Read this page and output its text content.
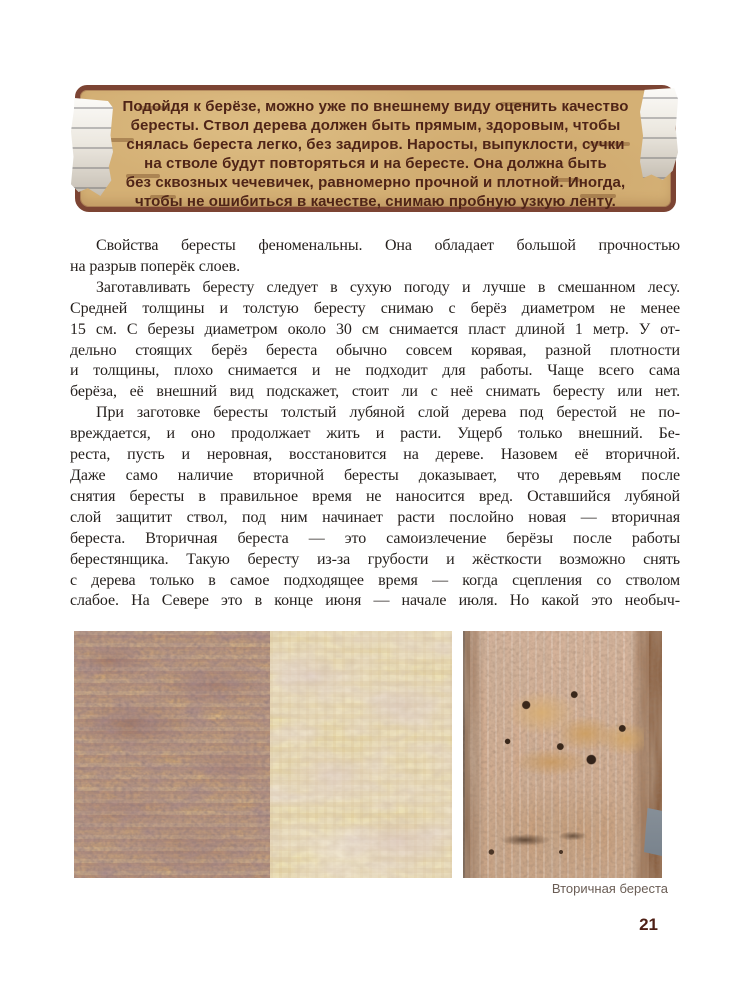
Подойдя к берёзе, можно уже по внешнему виду оценить качество
бересты. Ствол дерева должен быть прямым, здоровым, чтобы
снялась береста легко, без задиров. Наросты, выпуклости, сучки
на стволе будут повторяться и на бересте. Она должна быть
без сквозных чечевичек, равномерно прочной и плотной. Иногда,
чтобы не ошибиться в качестве, снимаю пробную узкую ленту.
Свойства бересты феноменальны. Она обладает большой прочностью
на разрыв поперёк слоев.
Заготавливать бересту следует в сухую погоду и лучше в смешанном лесу.
Средней толщины и толстую бересту снимаю с берёз диаметром не менее
15 см. С березы диаметром около 30 см снимается пласт длиной 1 метр. У от-
дельно стоящих берёз береста обычно совсем корявая, разной плотности
и толщины, плохо снимается и не подходит для работы. Чаще всего сама
берёза, её внешний вид подскажет, стоит ли с неё снимать бересту или нет.
При заготовке бересты толстый лубяной слой дерева под берестой не по-
вреждается, и оно продолжает жить и расти. Ущерб только внешний. Бе-
реста, пусть и неровная, восстановится на дереве. Назовем её вторичной.
Даже само наличие вторичной бересты доказывает, что деревьям после
снятия бересты в правильное время не наносится вред. Оставшийся лубяной
слой защитит ствол, под ним начинает расти послойно новая — вторичная
береста. Вторичная береста — это самоизлечение берёзы после работы
берестянщика. Такую бересту из-за грубости и жёсткости возможно снять
с дерева только в самое подходящее время — когда сцепления со стволом
слабое. На Севере это в конце июня — начале июля. Но какой это необыч-
Вторичная береста
21
